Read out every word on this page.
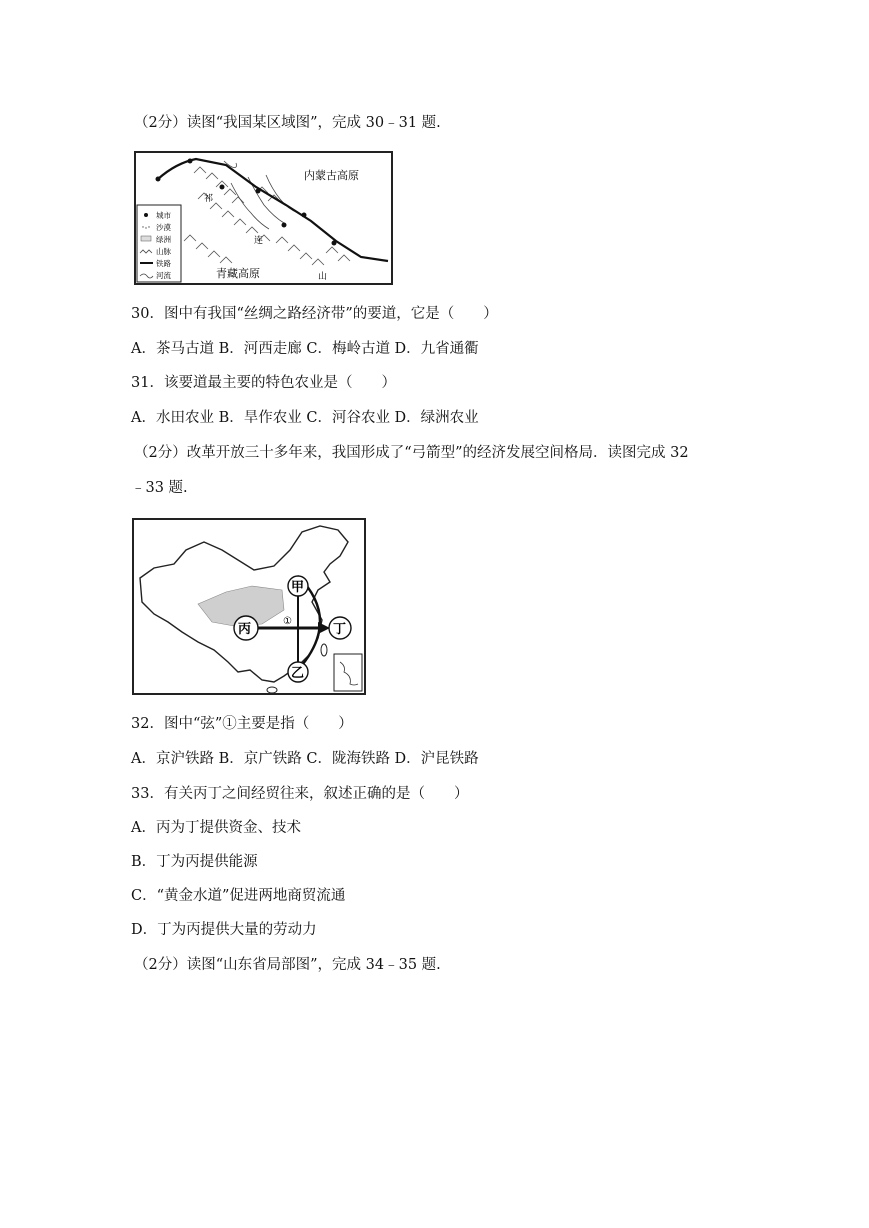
（2分）读图“我国某区域图”，完成 30﹣31 题.
内蒙古高原
青藏高原
祁
连
山
城市
沙漠
绿洲
山脉
铁路
河流
30．图中有我国“丝绸之路经济带”的要道，它是（　　）
A．茶马古道 B．河西走廊 C．梅岭古道 D．九省通衢
31．该要道最主要的特色农业是（　　）
A．水田农业 B．旱作农业 C．河谷农业 D．绿洲农业
（2分）改革开放三十多年来，我国形成了“弓箭型”的经济发展空间格局．读图完成 32
﹣33 题.
甲
乙
丙	丁
①
32．图中“弦”①主要是指（　　）
A．京沪铁路 B．京广铁路 C．陇海铁路 D．沪昆铁路
33．有关丙丁之间经贸往来，叙述正确的是（　　）
A．丙为丁提供资金、技术
B．丁为丙提供能源
C．“黄金水道”促进两地商贸流通
D．丁为丙提供大量的劳动力
（2分）读图“山东省局部图”，完成 34﹣35 题.
